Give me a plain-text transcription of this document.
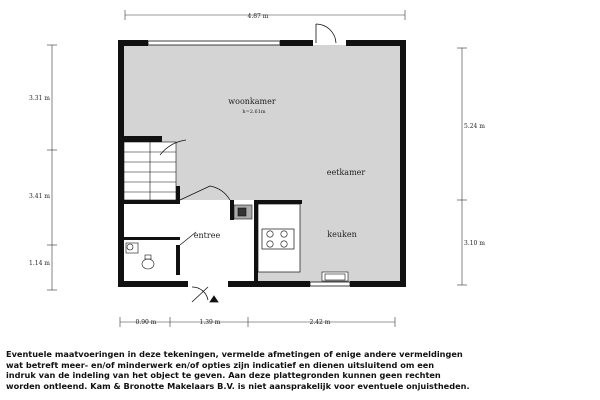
4.87 m
3.31 m
3.41 m
1.14 m
5.24 m
3.10 m
0.90 m	1.39 m	2.42 m
woonkamer
h=2.61m
eetkamer
entree	keuken
Eventuele maatvoeringen in deze tekeningen, vermelde afmetingen of enige andere vermeldingen
wat betreft meer- en/of minderwerk en/of opties zijn indicatief en dienen uitsluitend om een
indruk van de indeling van het object te geven. Aan deze plattegronden kunnen geen rechten
worden ontleend. Kam & Bronotte Makelaars B.V. is niet aansprakelijk voor eventuele onjuistheden.
